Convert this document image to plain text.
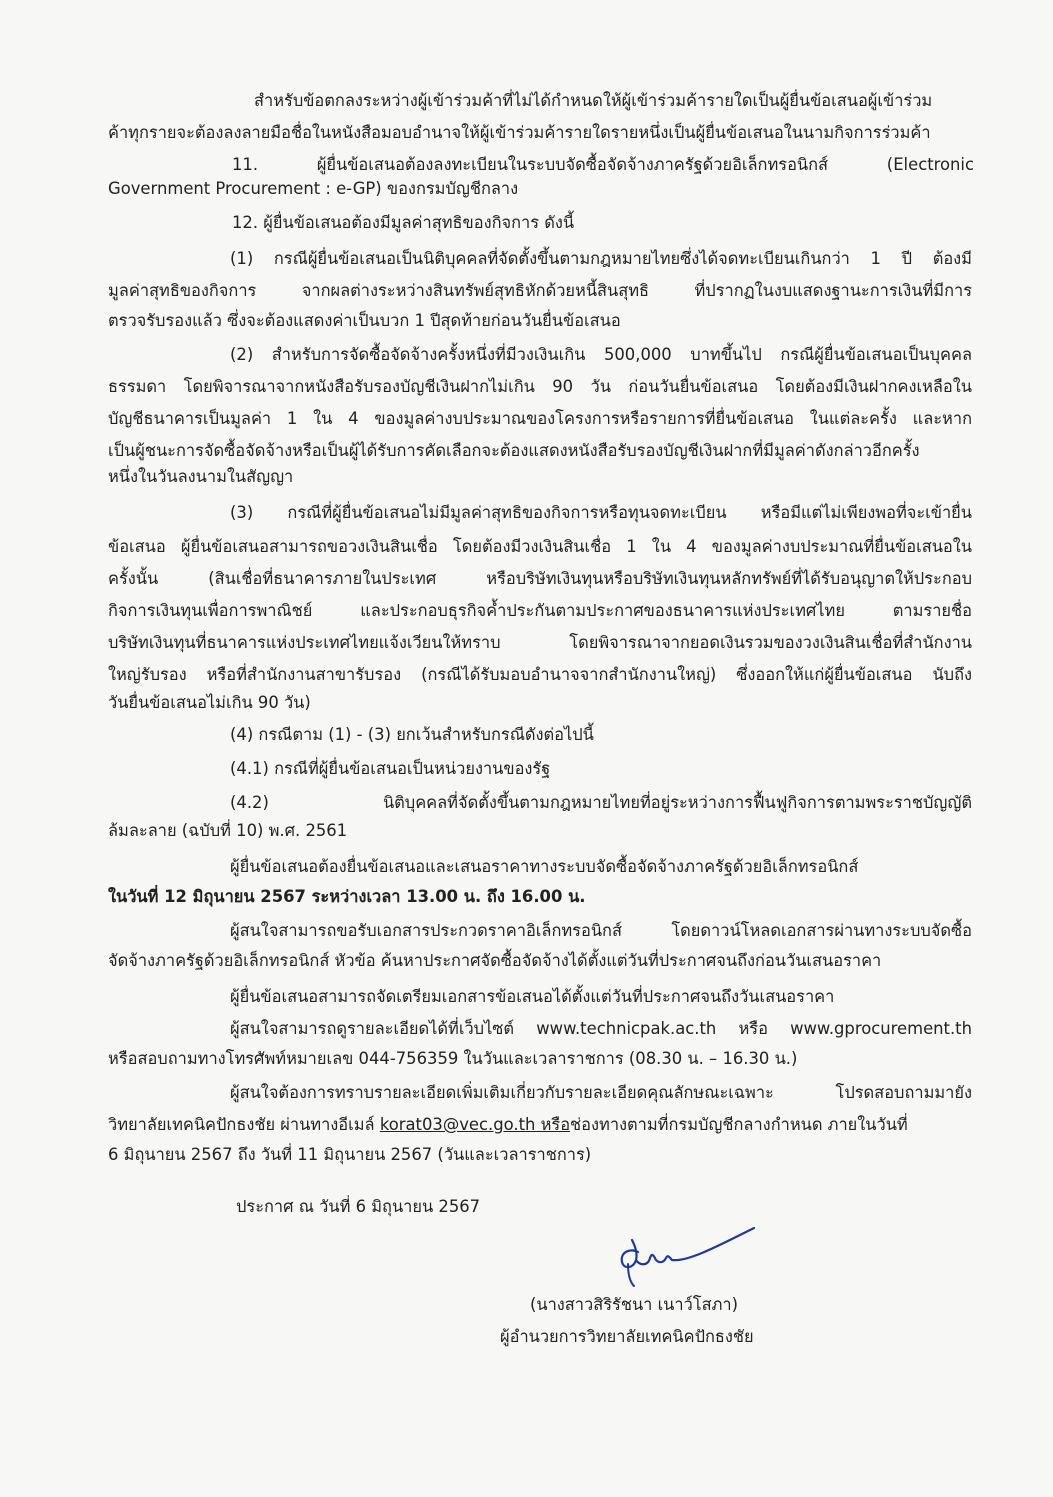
สำหรับข้อตกลงระหว่างผู้เข้าร่วมค้าที่ไม่ได้กำหนดให้ผู้เข้าร่วมค้ารายใดเป็นผู้ยื่นข้อเสนอผู้เข้าร่วม
ค้าทุกรายจะต้องลงลายมือชื่อในหนังสือมอบอำนาจให้ผู้เข้าร่วมค้ารายใดรายหนึ่งเป็นผู้ยื่นข้อเสนอในนามกิจการร่วมค้า
11. ผู้ยื่นข้อเสนอต้องลงทะเบียนในระบบจัดซื้อจัดจ้างภาครัฐด้วยอิเล็กทรอนิกส์ (Electronic
Government Procurement : e-GP) ของกรมบัญชีกลาง
12. ผู้ยื่นข้อเสนอต้องมีมูลค่าสุทธิของกิจการ ดังนี้
(1) กรณีผู้ยื่นข้อเสนอเป็นนิติบุคคลที่จัดตั้งขึ้นตามกฎหมายไทยซึ่งได้จดทะเบียนเกินกว่า 1 ปี ต้องมี
มูลค่าสุทธิของกิจการ จากผลต่างระหว่างสินทรัพย์สุทธิหักด้วยหนี้สินสุทธิ ที่ปรากฏในงบแสดงฐานะการเงินที่มีการ
ตรวจรับรองแล้ว ซึ่งจะต้องแสดงค่าเป็นบวก 1 ปีสุดท้ายก่อนวันยื่นข้อเสนอ
(2) สำหรับการจัดซื้อจัดจ้างครั้งหนึ่งที่มีวงเงินเกิน 500,000 บาทขึ้นไป กรณีผู้ยื่นข้อเสนอเป็นบุคคล
ธรรมดา โดยพิจารณาจากหนังสือรับรองบัญชีเงินฝากไม่เกิน 90 วัน ก่อนวันยื่นข้อเสนอ โดยต้องมีเงินฝากคงเหลือใน
บัญชีธนาคารเป็นมูลค่า 1 ใน 4 ของมูลค่างบประมาณของโครงการหรือรายการที่ยื่นข้อเสนอ ในแต่ละครั้ง และหาก
เป็นผู้ชนะการจัดซื้อจัดจ้างหรือเป็นผู้ได้รับการคัดเลือกจะต้องแสดงหนังสือรับรองบัญชีเงินฝากที่มีมูลค่าดังกล่าวอีกครั้ง
หนึ่งในวันลงนามในสัญญา
(3) กรณีที่ผู้ยื่นข้อเสนอไม่มีมูลค่าสุทธิของกิจการหรือทุนจดทะเบียน หรือมีแต่ไม่เพียงพอที่จะเข้ายื่น
ข้อเสนอ ผู้ยื่นข้อเสนอสามารถขอวงเงินสินเชื่อ โดยต้องมีวงเงินสินเชื่อ 1 ใน 4 ของมูลค่างบประมาณที่ยื่นข้อเสนอใน
ครั้งนั้น (สินเชื่อที่ธนาคารภายในประเทศ หรือบริษัทเงินทุนหรือบริษัทเงินทุนหลักทรัพย์ที่ได้รับอนุญาตให้ประกอบ
กิจการเงินทุนเพื่อการพาณิชย์ และประกอบธุรกิจค้ำประกันตามประกาศของธนาคารแห่งประเทศไทย ตามรายชื่อ
บริษัทเงินทุนที่ธนาคารแห่งประเทศไทยแจ้งเวียนให้ทราบ โดยพิจารณาจากยอดเงินรวมของวงเงินสินเชื่อที่สำนักงาน
ใหญ่รับรอง หรือที่สำนักงานสาขารับรอง (กรณีได้รับมอบอำนาจจากสำนักงานใหญ่) ซึ่งออกให้แก่ผู้ยื่นข้อเสนอ นับถึง
วันยื่นข้อเสนอไม่เกิน 90 วัน)
(4) กรณีตาม (1) - (3) ยกเว้นสำหรับกรณีดังต่อไปนี้
(4.1) กรณีที่ผู้ยื่นข้อเสนอเป็นหน่วยงานของรัฐ
(4.2) นิติบุคคลที่จัดตั้งขึ้นตามกฎหมายไทยที่อยู่ระหว่างการฟื้นฟูกิจการตามพระราชบัญญัติ
ล้มละลาย (ฉบับที่ 10) พ.ศ. 2561
ผู้ยื่นข้อเสนอต้องยื่นข้อเสนอและเสนอราคาทางระบบจัดซื้อจัดจ้างภาครัฐด้วยอิเล็กทรอนิกส์
ในวันที่ 12 มิถุนายน 2567 ระหว่างเวลา 13.00 น. ถึง 16.00 น.
ผู้สนใจสามารถขอรับเอกสารประกวดราคาอิเล็กทรอนิกส์ โดยดาวน์โหลดเอกสารผ่านทางระบบจัดซื้อ
จัดจ้างภาครัฐด้วยอิเล็กทรอนิกส์ หัวข้อ ค้นหาประกาศจัดซื้อจัดจ้างได้ตั้งแต่วันที่ประกาศจนถึงก่อนวันเสนอราคา
ผู้ยื่นข้อเสนอสามารถจัดเตรียมเอกสารข้อเสนอได้ตั้งแต่วันที่ประกาศจนถึงวันเสนอราคา
ผู้สนใจสามารถดูรายละเอียดได้ที่เว็บไซต์ www.technicpak.ac.th หรือ www.gprocurement.th
หรือสอบถามทางโทรศัพท์หมายเลข 044-756359 ในวันและเวลาราชการ (08.30 น. – 16.30 น.)
ผู้สนใจต้องการทราบรายละเอียดเพิ่มเติมเกี่ยวกับรายละเอียดคุณลักษณะเฉพาะ โปรดสอบถามมายัง
วิทยาลัยเทคนิคปักธงชัย ผ่านทางอีเมล์ korat03@vec.go.th หรือช่องทางตามที่กรมบัญชีกลางกำหนด ภายในวันที่
6 มิถุนายน 2567 ถึง วันที่ 11 มิถุนายน 2567 (วันและเวลาราชการ)
ประกาศ ณ วันที่ 6 มิถุนายน 2567
(นางสาวสิริรัชนา เนาว์โสภา)
ผู้อำนวยการวิทยาลัยเทคนิคปักธงชัย
